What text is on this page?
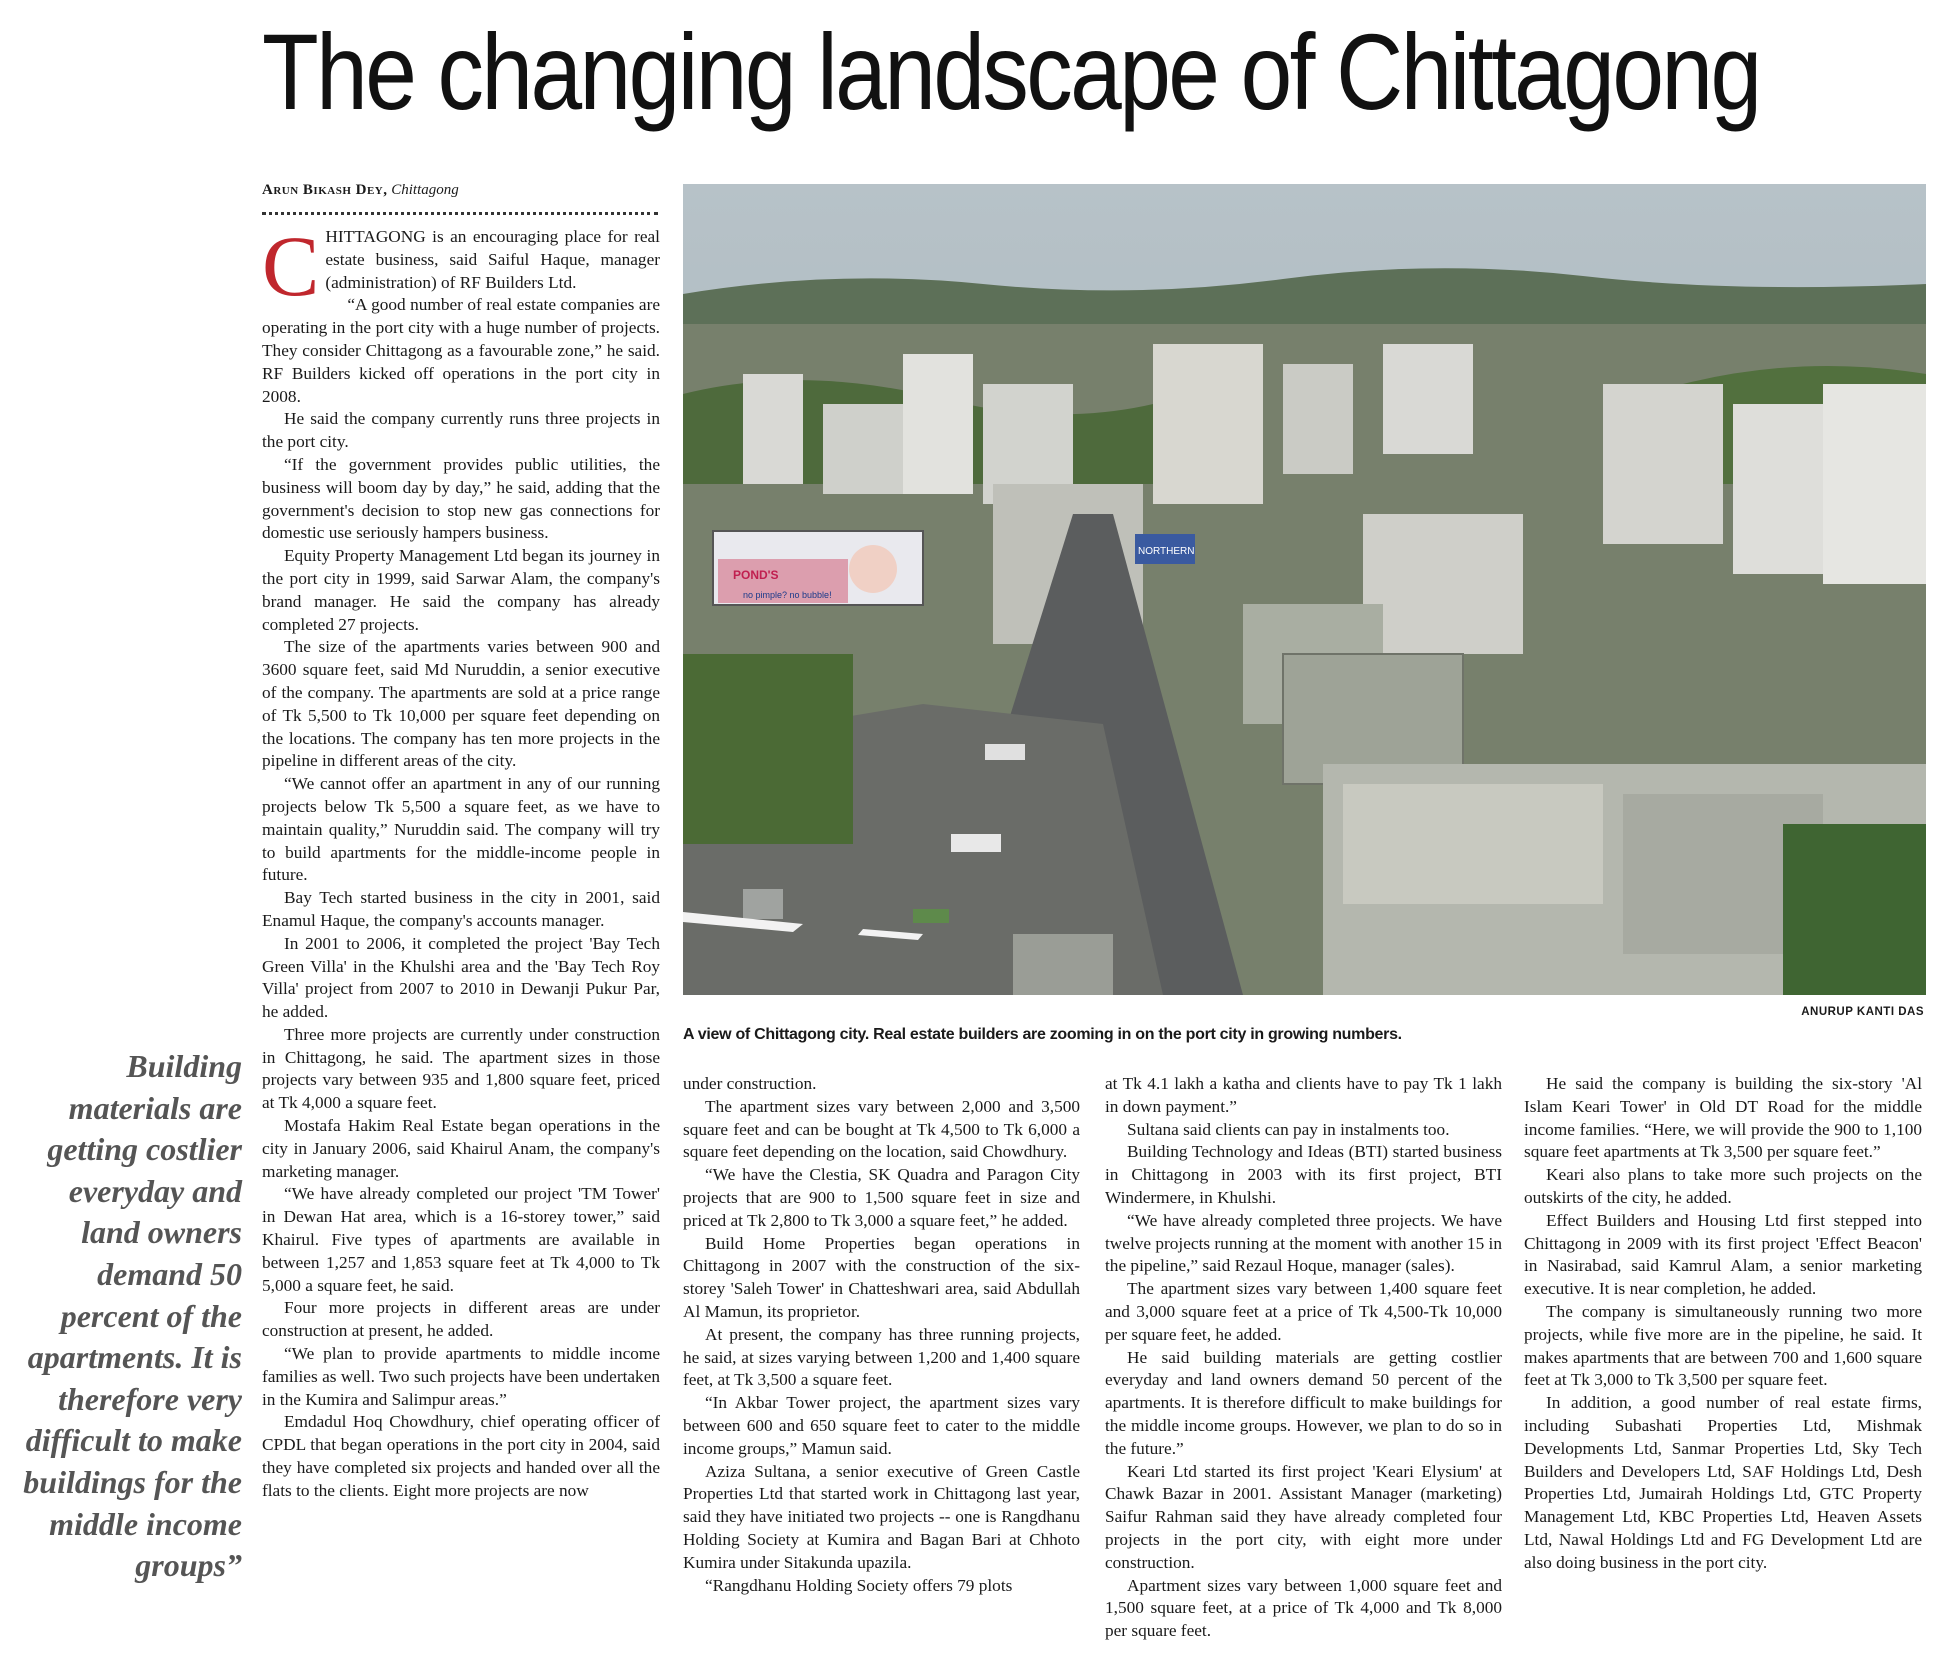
The changing landscape of Chittagong
Arun Bikash Dey, Chittagong
POND'S
no pimple? no bubble!
NORTHERN
ANURUP KANTI DAS
A view of Chittagong city. Real estate builders are zooming in on the port city in growing numbers.
Building materials are getting costlier everyday and land owners demand 50 percent of the apartments. It is therefore very difficult to make buildings for the middle income groups”

CHITTAGONG is an encouraging place for real estate business, said Saiful Haque, manager (administration) of RF Builders Ltd.

“A good number of real estate companies are operating in the port city with a huge number of projects. They consider Chittagong as a favourable zone,” he said. RF Builders kicked off operations in the port city in 2008.

He said the company currently runs three projects in the port city.

“If the government provides public utilities, the business will boom day by day,” he said, adding that the government's decision to stop new gas connections for domestic use seriously hampers business.

Equity Property Management Ltd began its journey in the port city in 1999, said Sarwar Alam, the company's brand manager. He said the company has already completed 27 projects.

The size of the apartments varies between 900 and 3600 square feet, said Md Nuruddin, a senior executive of the company. The apartments are sold at a price range of Tk 5,500 to Tk 10,000 per square feet depending on the locations. The company has ten more projects in the pipeline in different areas of the city.

“We cannot offer an apartment in any of our running projects below Tk 5,500 a square feet, as we have to maintain quality,” Nuruddin said. The company will try to build apartments for the middle-income people in future.

Bay Tech started business in the city in 2001, said Enamul Haque, the company's accounts manager.

In 2001 to 2006, it completed the project 'Bay Tech Green Villa' in the Khulshi area and the 'Bay Tech Roy Villa' project from 2007 to 2010 in Dewanji Pukur Par, he added.

Three more projects are currently under construction in Chittagong, he said. The apartment sizes in those projects vary between 935 and 1,800 square feet, priced at Tk 4,000 a square feet.

Mostafa Hakim Real Estate began operations in the city in January 2006, said Khairul Anam, the company's marketing manager.

“We have already completed our project 'TM Tower' in Dewan Hat area, which is a 16-storey tower,” said Khairul. Five types of apartments are available in between 1,257 and 1,853 square feet at Tk 4,000 to Tk 5,000 a square feet, he said.

Four more projects in different areas are under construction at present, he added.

“We plan to provide apartments to middle income families as well. Two such projects have been undertaken in the Kumira and Salimpur areas.”

Emdadul Hoq Chowdhury, chief operating officer of CPDL that began operations in the port city in 2004, said they have completed six projects and handed over all the flats to the clients. Eight more projects are now

under construction.

The apartment sizes vary between 2,000 and 3,500 square feet and can be bought at Tk 4,500 to Tk 6,000 a square feet depending on the location, said Chowdhury.

“We have the Clestia, SK Quadra and Paragon City projects that are 900 to 1,500 square feet in size and priced at Tk 2,800 to Tk 3,000 a square feet,” he added.

Build Home Properties began operations in Chittagong in 2007 with the construction of the six-storey 'Saleh Tower' in Chatteshwari area, said Abdullah Al Mamun, its proprietor.

At present, the company has three running projects, he said, at sizes varying between 1,200 and 1,400 square feet, at Tk 3,500 a square feet.

“In Akbar Tower project, the apartment sizes vary between 600 and 650 square feet to cater to the middle income groups,” Mamun said.

Aziza Sultana, a senior executive of Green Castle Properties Ltd that started work in Chittagong last year, said they have initiated two projects -- one is Rangdhanu Holding Society at Kumira and Bagan Bari at Chhoto Kumira under Sitakunda upazila.

“Rangdhanu Holding Society offers 79 plots

at Tk 4.1 lakh a katha and clients have to pay Tk 1 lakh in down payment.”

Sultana said clients can pay in instalments too.

Building Technology and Ideas (BTI) started business in Chittagong in 2003 with its first project, BTI Windermere, in Khulshi.

“We have already completed three projects. We have twelve projects running at the moment with another 15 in the pipeline,” said Rezaul Hoque, manager (sales).

The apartment sizes vary between 1,400 square feet and 3,000 square feet at a price of Tk 4,500-Tk 10,000 per square feet, he added.

He said building materials are getting costlier everyday and land owners demand 50 percent of the apartments. It is therefore difficult to make buildings for the middle income groups. However, we plan to do so in the future.”

Keari Ltd started its first project 'Keari Elysium' at Chawk Bazar in 2001. Assistant Manager (marketing) Saifur Rahman said they have already completed four projects in the port city, with eight more under construction.

Apartment sizes vary between 1,000 square feet and 1,500 square feet, at a price of Tk 4,000 and Tk 8,000 per square feet.

He said the company is building the six-story 'Al Islam Keari Tower' in Old DT Road for the middle income families. “Here, we will provide the 900 to 1,100 square feet apartments at Tk 3,500 per square feet.”

Keari also plans to take more such projects on the outskirts of the city, he added.

Effect Builders and Housing Ltd first stepped into Chittagong in 2009 with its first project 'Effect Beacon' in Nasirabad, said Kamrul Alam, a senior marketing executive. It is near completion, he added.

The company is simultaneously running two more projects, while five more are in the pipeline, he said. It makes apartments that are between 700 and 1,600 square feet at Tk 3,000 to Tk 3,500 per square feet.

In addition, a good number of real estate firms, including Subashati Properties Ltd, Mishmak Developments Ltd, Sanmar Properties Ltd, Sky Tech Builders and Developers Ltd, SAF Holdings Ltd, Desh Properties Ltd, Jumairah Holdings Ltd, GTC Property Management Ltd, KBC Properties Ltd, Heaven Assets Ltd, Nawal Holdings Ltd and FG Development Ltd are also doing business in the port city.
